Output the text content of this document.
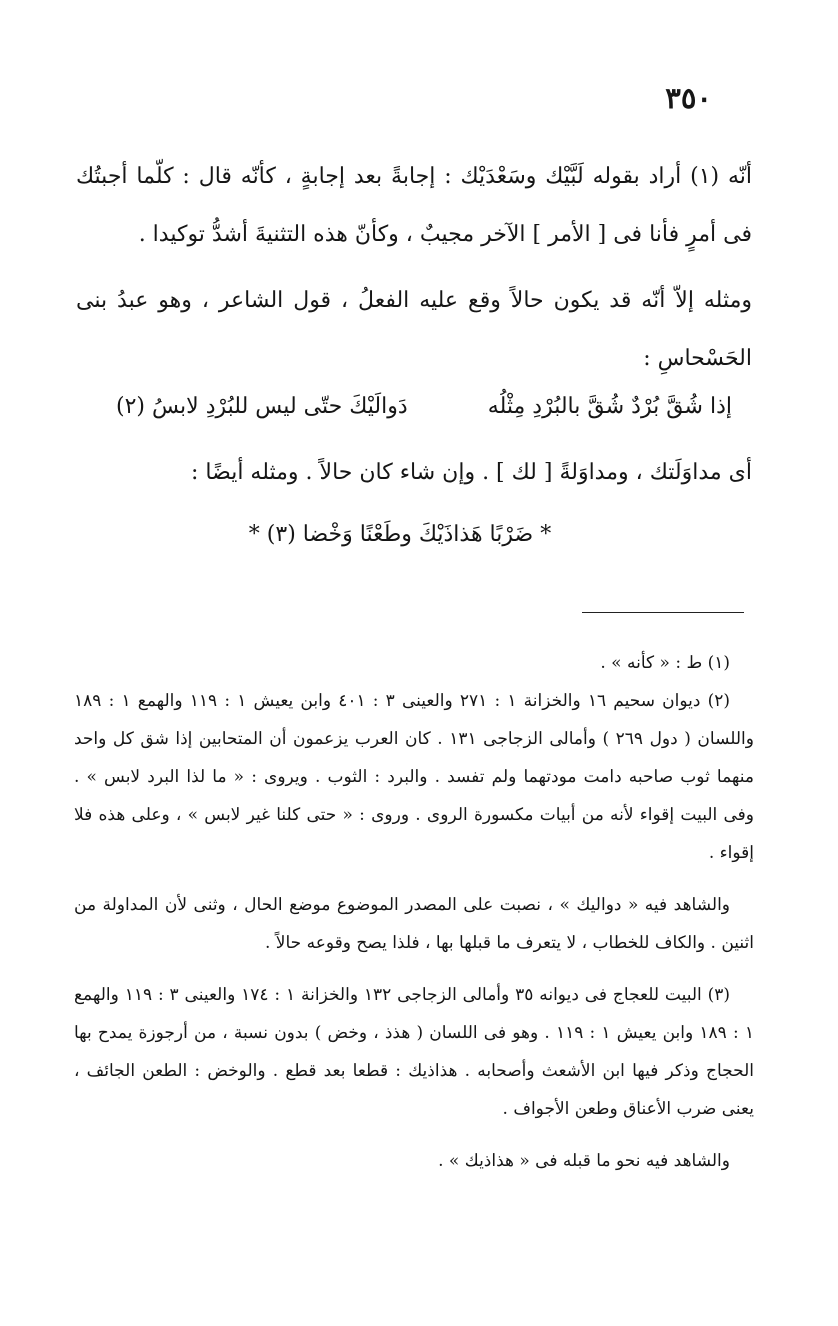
٣٥٠

أنّه (١) أراد بقوله لَبَّيْك وسَعْدَيْك : إجابةً بعد إجابةٍ ، كأنّه قال : كلّما أجبتُك فى أمرٍ فأنا فى [ الأمر ] الآخر مجيبٌ ، وكأنّ هذه التثنيةَ أشدُّ توكيدا .

ومثله إلاّ أنّه قد يكون حالاً وقع عليه الفعلُ ، قول الشاعر ، وهو عبدُ بنى الحَسْحاسِ :

إذا شُقَّ بُرْدٌ شُقَّ بالبُرْدِ مِثْلُه
دَوالَيْكَ حتّى ليس للبُرْدِ لابسُ (٢)

أى مداوَلَتك ، ومداوَلةً [ لك ] . وإن شاء كان حالاً . ومثله أيضًا :

* ضَرْبًا هَذاذَيْكَ وطَعْنًا وَخْضا (٣) *

(١) ط : « كأنه » .

(٢) ديوان سحيم ١٦ والخزانة ١ : ٢٧١ والعينى ٣ : ٤٠١ وابن يعيش ١ : ١١٩ والهمع ١ : ١٨٩ واللسان ( دول ٢٦٩ ) وأمالى الزجاجى ١٣١ . كان العرب يزعمون أن المتحابين إذا شق كل واحد منهما ثوب صاحبه دامت مودتهما ولم تفسد . والبرد : الثوب . ويروى : « ما لذا البرد لابس » . وفى البيت إقواء لأنه من أبيات مكسورة الروى . وروى : « حتى كلنا غير لابس » ، وعلى هذه فلا إقواء .

والشاهد فيه « دواليك » ، نصبت على المصدر الموضوع موضع الحال ، وثنى لأن المداولة من اثنين . والكاف للخطاب ، لا يتعرف ما قبلها بها ، فلذا يصح وقوعه حالاً .

(٣) البيت للعجاج فى ديوانه ٣٥ وأمالى الزجاجى ١٣٢ والخزانة ١ : ١٧٤ والعينى ٣ : ١١٩ والهمع ١ : ١٨٩ وابن يعيش ١ : ١١٩ . وهو فى اللسان ( هذذ ، وخض ) بدون نسبة ، من أرجوزة يمدح بها الحجاج وذكر فيها ابن الأشعث وأصحابه . هذاذيك : قطعا بعد قطع . والوخض : الطعن الجائف ، يعنى ضرب الأعناق وطعن الأجواف .

والشاهد فيه نحو ما قبله فى « هذاذيك » .
